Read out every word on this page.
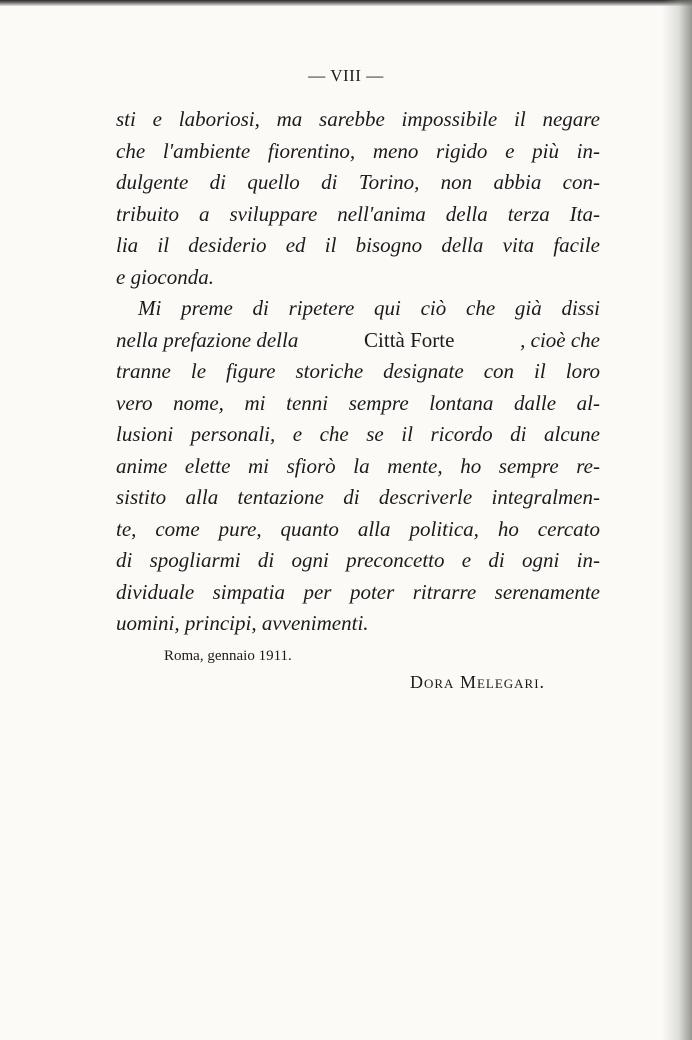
— VIII —
sti e laboriosi, ma sarebbe impossibile il negare
che l'ambiente fiorentino, meno rigido e più in-
dulgente di quello di Torino, non abbia con-
tribuito a sviluppare nell'anima della terza Ita-
lia il desiderio ed il bisogno della vita facile
e gioconda.
Mi preme di ripetere qui ciò che già dissi
nella prefazione della	Città Forte	, cioè che
tranne le figure storiche designate con il loro
vero nome, mi tenni sempre lontana dalle al-
lusioni personali, e che se il ricordo di alcune
anime elette mi sfiorò la mente, ho sempre re-
sistito alla tentazione di descriverle integralmen-
te, come pure, quanto alla politica, ho cercato
di spogliarmi di ogni preconcetto e di ogni in-
dividuale simpatia per poter ritrarre serenamente
uomini, principi, avvenimenti.
Roma, gennaio 1911.
Dora Melegari.
